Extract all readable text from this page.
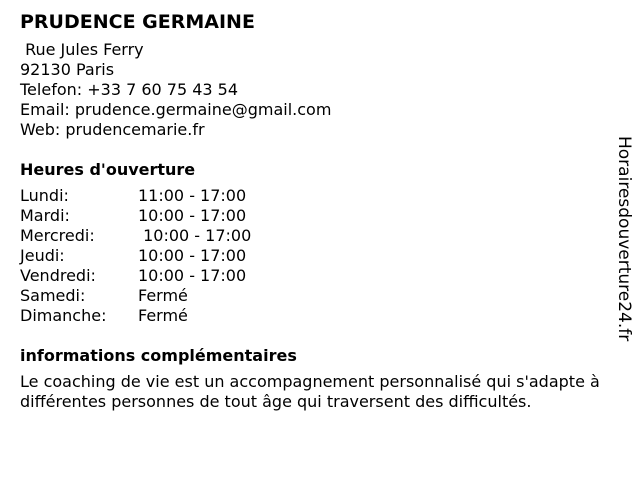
PRUDENCE GERMAINE
Rue Jules Ferry
92130 Paris
Telefon: +33 7 60 75 43 54
Email: prudence.germaine@gmail.com
Web: prudencemarie.fr
Heures d'ouverture
Lundi:	11:00 - 17:00
Mardi:	10:00 - 17:00
Mercredi:	10:00 - 17:00
Jeudi:	10:00 - 17:00
Vendredi:	10:00 - 17:00
Samedi:	Fermé
Dimanche:	Fermé
informations complémentaires
Le coaching de vie est un accompagnement personnalisé qui s'adapte à différentes personnes de tout âge qui traversent des difficultés.
Horairesdouverture24.fr
